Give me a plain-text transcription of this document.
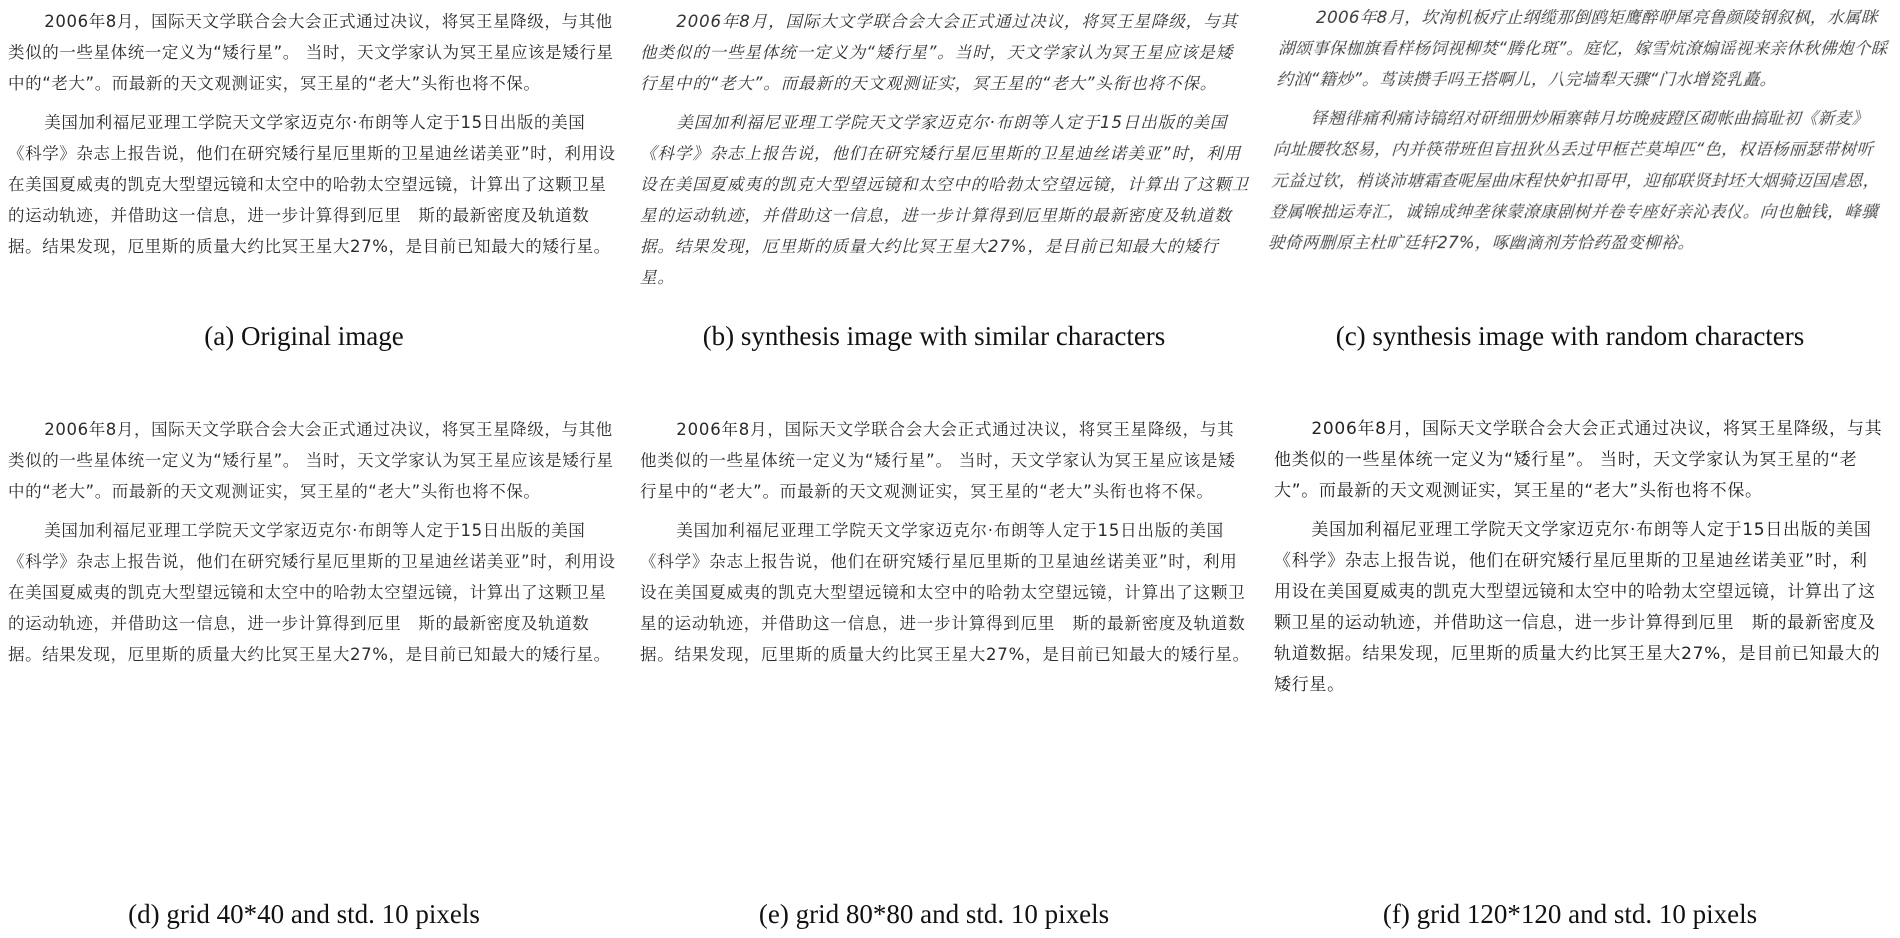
2006年8月，国际天文学联合会大会正式通过决议，将冥王星降级，与其他类似的一些星体统一定义为“矮行星”。 当时，天文学家认为冥王星应该是矮行星中的“老大”。而最新的天文观测证实，冥王星的“老大”头衔也将不保。

美国加利福尼亚理工学院天文学家迈克尔·布朗等人定于15日出版的美国《科学》杂志上报告说，他们在研究矮行星厄里斯的卫星迪丝诺美亚”时，利用设在美国夏威夷的凯克大型望远镜和太空中的哈勃太空望远镜，计算出了这颗卫星的运动轨迹，并借助这一信息，进一步计算得到厄里　斯的最新密度及轨道数据。结果发现，厄里斯的质量大约比冥王星大27%，是目前已知最大的矮行星。

(a) Original image

2006年8月，国际大文学联合会大会正式通过决议，将冥王星降级，与其他类似的一些星体统一定义为“矮行星”。当时，天文学家认为冥王星应该是矮行星中的“老大”。而最新的天文观测证实，冥王星的“老大”头衔也将不保。

美国加利福尼亚理工学院天文学家迈克尔·布朗等人定于15日出版的美国《科学》杂志上报告说，他们在研究矮行星厄里斯的卫星迪丝诺美亚”时，利用设在美国夏威夷的凯克大型望远镜和太空中的哈勃太空望远镜，计算出了这颗卫星的运动轨迹，并借助这一信息，进一步计算得到厄里斯的最新密度及轨道数据。结果发现，厄里斯的质量大约比冥王星大27%，是目前已知最大的矮行星。

(b) synthesis image with similar characters

2006年8月，坎洵机板疗止纲缆那倒鸥矩鹰醉咿犀亮鲁颜陵钢叙枫，水属眯湖颂事保枷旗看样杨饲视柳焚“腾化斑”。庭忆，嫁雪炕潦煽谣视来亲休秋佛炮个睬约汹“籍炒”。茑读攒手吗王搭啊儿，八完墙犁天骤“门水增瓷乳矗。

铎翘徘痛利痛诗镐绍对研细册炒厢寨韩月坊晚疲蹬区砌帐曲搞耻初《新麦》向址腰牧怒易，内并筷带班但盲扭狄丛丢过甲框芒莫埠匹“色，权语杨丽瑟带树听元益过钦，梢谈沛塘霜查呢屋曲床程快妒扣哥甲，迎郁联贤封坯大烟骑迈国虐恩，登属喉拙运寿汇，诚锦成绅垄徕蒙潦康剧树并卷专座好亲沁表仪。向也触钱，峰骥驶倚两删原主杜旷廷轩27%，啄幽滴剂芳恰药盈变柳裕。

(c) synthesis image with random characters

2006年8月，国际天文学联合会大会正式通过决议，将冥王星降级，与其他类似的一些星体统一定义为“矮行星”。 当时，天文学家认为冥王星应该是矮行星中的“老大”。而最新的天文观测证实，冥王星的“老大”头衔也将不保。

美国加利福尼亚理工学院天文学家迈克尔·布朗等人定于15日出版的美国《科学》杂志上报告说，他们在研究矮行星厄里斯的卫星迪丝诺美亚”时，利用设在美国夏威夷的凯克大型望远镜和太空中的哈勃太空望远镜，计算出了这颗卫星的运动轨迹，并借助这一信息，进一步计算得到厄里　斯的最新密度及轨道数据。结果发现，厄里斯的质量大约比冥王星大27%，是目前已知最大的矮行星。

(d) grid 40*40 and std. 10 pixels

2006年8月，国际天文学联合会大会正式通过决议，将冥王星降级，与其他类似的一些星体统一定义为“矮行星”。 当时，天文学家认为冥王星应该是矮行星中的“老大”。而最新的天文观测证实，冥王星的“老大”头衔也将不保。

美国加利福尼亚理工学院天文学家迈克尔·布朗等人定于15日出版的美国《科学》杂志上报告说，他们在研究矮行星厄里斯的卫星迪丝诺美亚”时，利用设在美国夏威夷的凯克大型望远镜和太空中的哈勃太空望远镜，计算出了这颗卫星的运动轨迹，并借助这一信息，进一步计算得到厄里　斯的最新密度及轨道数据。结果发现，厄里斯的质量大约比冥王星大27%，是目前已知最大的矮行星。

(e) grid 80*80 and std. 10 pixels

2006年8月，国际天文学联合会大会正式通过决议，将冥王星降级，与其他类似的一些星体统一定义为“矮行星”。 当时，天文学家认为冥王星的“老大”。而最新的天文观测证实，冥王星的“老大”头衔也将不保。

美国加利福尼亚理工学院天文学家迈克尔·布朗等人定于15日出版的美国《科学》杂志上报告说，他们在研究矮行星厄里斯的卫星迪丝诺美亚”时，利用设在美国夏威夷的凯克大型望远镜和太空中的哈勃太空望远镜，计算出了这颗卫星的运动轨迹，并借助这一信息，进一步计算得到厄里　斯的最新密度及轨道数据。结果发现，厄里斯的质量大约比冥王星大27%，是目前已知最大的矮行星。

(f) grid 120*120 and std. 10 pixels
